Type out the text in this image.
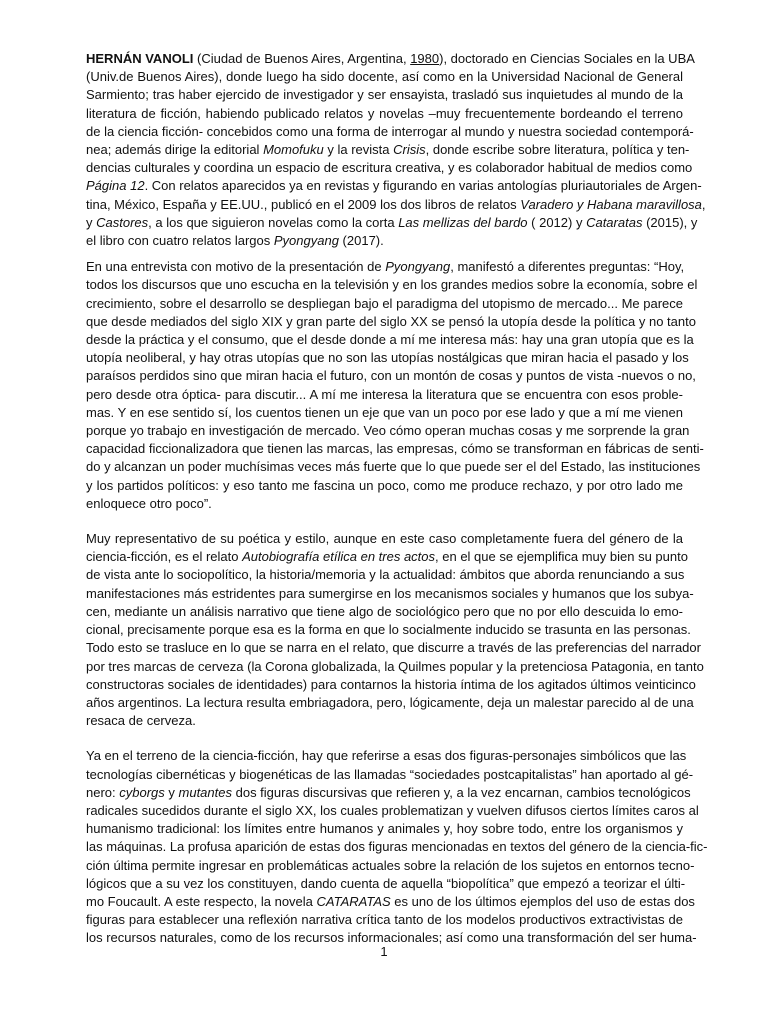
HERNÁN VANOLI (Ciudad de Buenos Aires, Argentina, 1980), doctorado en Ciencias Sociales en la UBA
(Univ.de Buenos Aires), donde luego ha sido docente, así como en la Universidad Nacional de General
Sarmiento; tras haber ejercido de investigador y ser ensayista, trasladó sus inquietudes al mundo de la
literatura de ficción, habiendo publicado relatos y novelas –muy frecuentemente bordeando el terreno
de la ciencia ficción- concebidos como una forma de interrogar al mundo y nuestra sociedad contemporá-
nea; además dirige la editorial Momofuku y la revista Crisis, donde escribe sobre literatura, política y ten-
dencias culturales y coordina un espacio de escritura creativa, y es colaborador habitual de medios como
Página 12. Con relatos aparecidos ya en revistas y figurando en varias antologías pluriautoriales de Argen-
tina, México, España y EE.UU., publicó en el 2009 los dos libros de relatos Varadero y Habana maravillosa,
y Castores, a los que siguieron novelas como la corta Las mellizas del bardo ( 2012) y Cataratas (2015), y
el libro con cuatro relatos largos Pyongyang (2017).

En una entrevista con motivo de la presentación de Pyongyang, manifestó a diferentes preguntas: “Hoy,
todos los discursos que uno escucha en la televisión y en los grandes medios sobre la economía, sobre el
crecimiento, sobre el desarrollo se despliegan bajo el paradigma del utopismo de mercado... Me parece
que desde mediados del siglo XIX y gran parte del siglo XX se pensó la utopía desde la política y no tanto
desde la práctica y el consumo, que el desde donde a mí me interesa más: hay una gran utopía que es la
utopía neoliberal, y hay otras utopías que no son las utopías nostálgicas que miran hacia el pasado y los
paraísos perdidos sino que miran hacia el futuro, con un montón de cosas y puntos de vista -nuevos o no,
pero desde otra óptica- para discutir... A mí me interesa la literatura que se encuentra con esos proble-
mas. Y en ese sentido sí, los cuentos tienen un eje que van un poco por ese lado y que a mí me vienen
porque yo trabajo en investigación de mercado. Veo cómo operan muchas cosas y me sorprende la gran
capacidad ficcionalizadora que tienen las marcas, las empresas, cómo se transforman en fábricas de senti-
do y alcanzan un poder muchísimas veces más fuerte que lo que puede ser el del Estado, las instituciones
y los partidos políticos: y eso tanto me fascina un poco, como me produce rechazo, y por otro lado me
enloquece otro poco”.

Muy representativo de su poética y estilo, aunque en este caso completamente fuera del género de la
ciencia-ficción, es el relato Autobiografía etílica en tres actos, en el que se ejemplifica muy bien su punto
de vista ante lo sociopolítico, la historia/memoria y la actualidad: ámbitos que aborda renunciando a sus
manifestaciones más estridentes para sumergirse en los mecanismos sociales y humanos que los subya-
cen, mediante un análisis narrativo que tiene algo de sociológico pero que no por ello descuida lo emo-
cional, precisamente porque esa es la forma en que lo socialmente inducido se trasunta en las personas.
Todo esto se trasluce en lo que se narra en el relato, que discurre a través de las preferencias del narrador
por tres marcas de cerveza (la Corona globalizada, la Quilmes popular y la pretenciosa Patagonia, en tanto
constructoras sociales de identidades) para contarnos la historia íntima de los agitados últimos veinticinco
años argentinos. La lectura resulta embriagadora, pero, lógicamente, deja un malestar parecido al de una
resaca de cerveza.

Ya en el terreno de la ciencia-ficción, hay que referirse a esas dos figuras-personajes simbólicos que las
tecnologías cibernéticas y biogenéticas de las llamadas “sociedades postcapitalistas” han aportado al gé-
nero: cyborgs y mutantes dos figuras discursivas que refieren y, a la vez encarnan, cambios tecnológicos
radicales sucedidos durante el siglo XX, los cuales problematizan y vuelven difusos ciertos límites caros al
humanismo tradicional: los límites entre humanos y animales y, hoy sobre todo, entre los organismos y
las máquinas. La profusa aparición de estas dos figuras mencionadas en textos del género de la ciencia-fic-
ción última permite ingresar en problemáticas actuales sobre la relación de los sujetos en entornos tecno-
lógicos que a su vez los constituyen, dando cuenta de aquella “biopolítica” que empezó a teorizar el últi-
mo Foucault. A este respecto, la novela CATARATAS es uno de los últimos ejemplos del uso de estas dos
figuras para establecer una reflexión narrativa crítica tanto de los modelos productivos extractivistas de
los recursos naturales, como de los recursos informacionales; así como una transformación del ser huma-

1
